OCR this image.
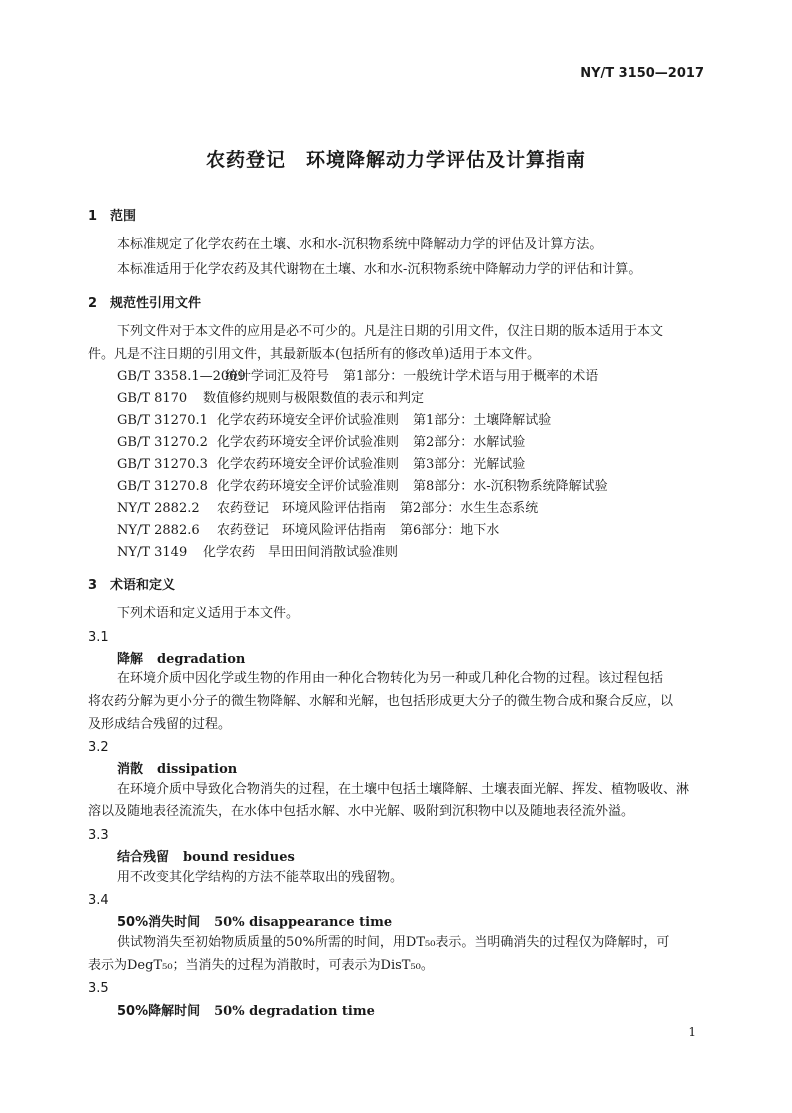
NY/T 3150—2017
农药登记 环境降解动力学评估及计算指南
1 范围
本标准规定了化学农药在土壤、水和水-沉积物系统中降解动力学的评估及计算方法。
本标准适用于化学农药及其代谢物在土壤、水和水-沉积物系统中降解动力学的评估和计算。
2 规范性引用文件
下列文件对于本文件的应用是必不可少的。凡是注日期的引用文件，仅注日期的版本适用于本文
件。凡是不注日期的引用文件，其最新版本(包括所有的修改单)适用于本文件。
GB/T 3358.1—2009统计学词汇及符号 第1部分：一般统计学术语与用于概率的术语
GB/T 8170 数值修约规则与极限数值的表示和判定
GB/T 31270.1 化学农药环境安全评价试验准则 第1部分：土壤降解试验
GB/T 31270.2 化学农药环境安全评价试验准则 第2部分：水解试验
GB/T 31270.3 化学农药环境安全评价试验准则 第3部分：光解试验
GB/T 31270.8 化学农药环境安全评价试验准则 第8部分：水-沉积物系统降解试验
NY/T 2882.2 农药登记　环境风险评估指南 第2部分：水生生态系统
NY/T 2882.6 农药登记　环境风险评估指南 第6部分：地下水
NY/T 3149 化学农药　旱田田间消散试验准则
3 术语和定义
下列术语和定义适用于本文件。
3.1
降解 degradation
在环境介质中因化学或生物的作用由一种化合物转化为另一种或几种化合物的过程。该过程包括
将农药分解为更小分子的微生物降解、水解和光解，也包括形成更大分子的微生物合成和聚合反应，以
及形成结合残留的过程。
3.2
消散 dissipation
在环境介质中导致化合物消失的过程，在土壤中包括土壤降解、土壤表面光解、挥发、植物吸收、淋
溶以及随地表径流流失，在水体中包括水解、水中光解、吸附到沉积物中以及随地表径流外溢。
3.3
结合残留 bound residues
用不改变其化学结构的方法不能萃取出的残留物。
3.4
50%消失时间 50% disappearance time
供试物消失至初始物质质量的50%所需的时间，用DT₅₀表示。当明确消失的过程仅为降解时，可
表示为DegT₅₀；当消失的过程为消散时，可表示为DisT₅₀。
3.5
50%降解时间 50% degradation time
1
